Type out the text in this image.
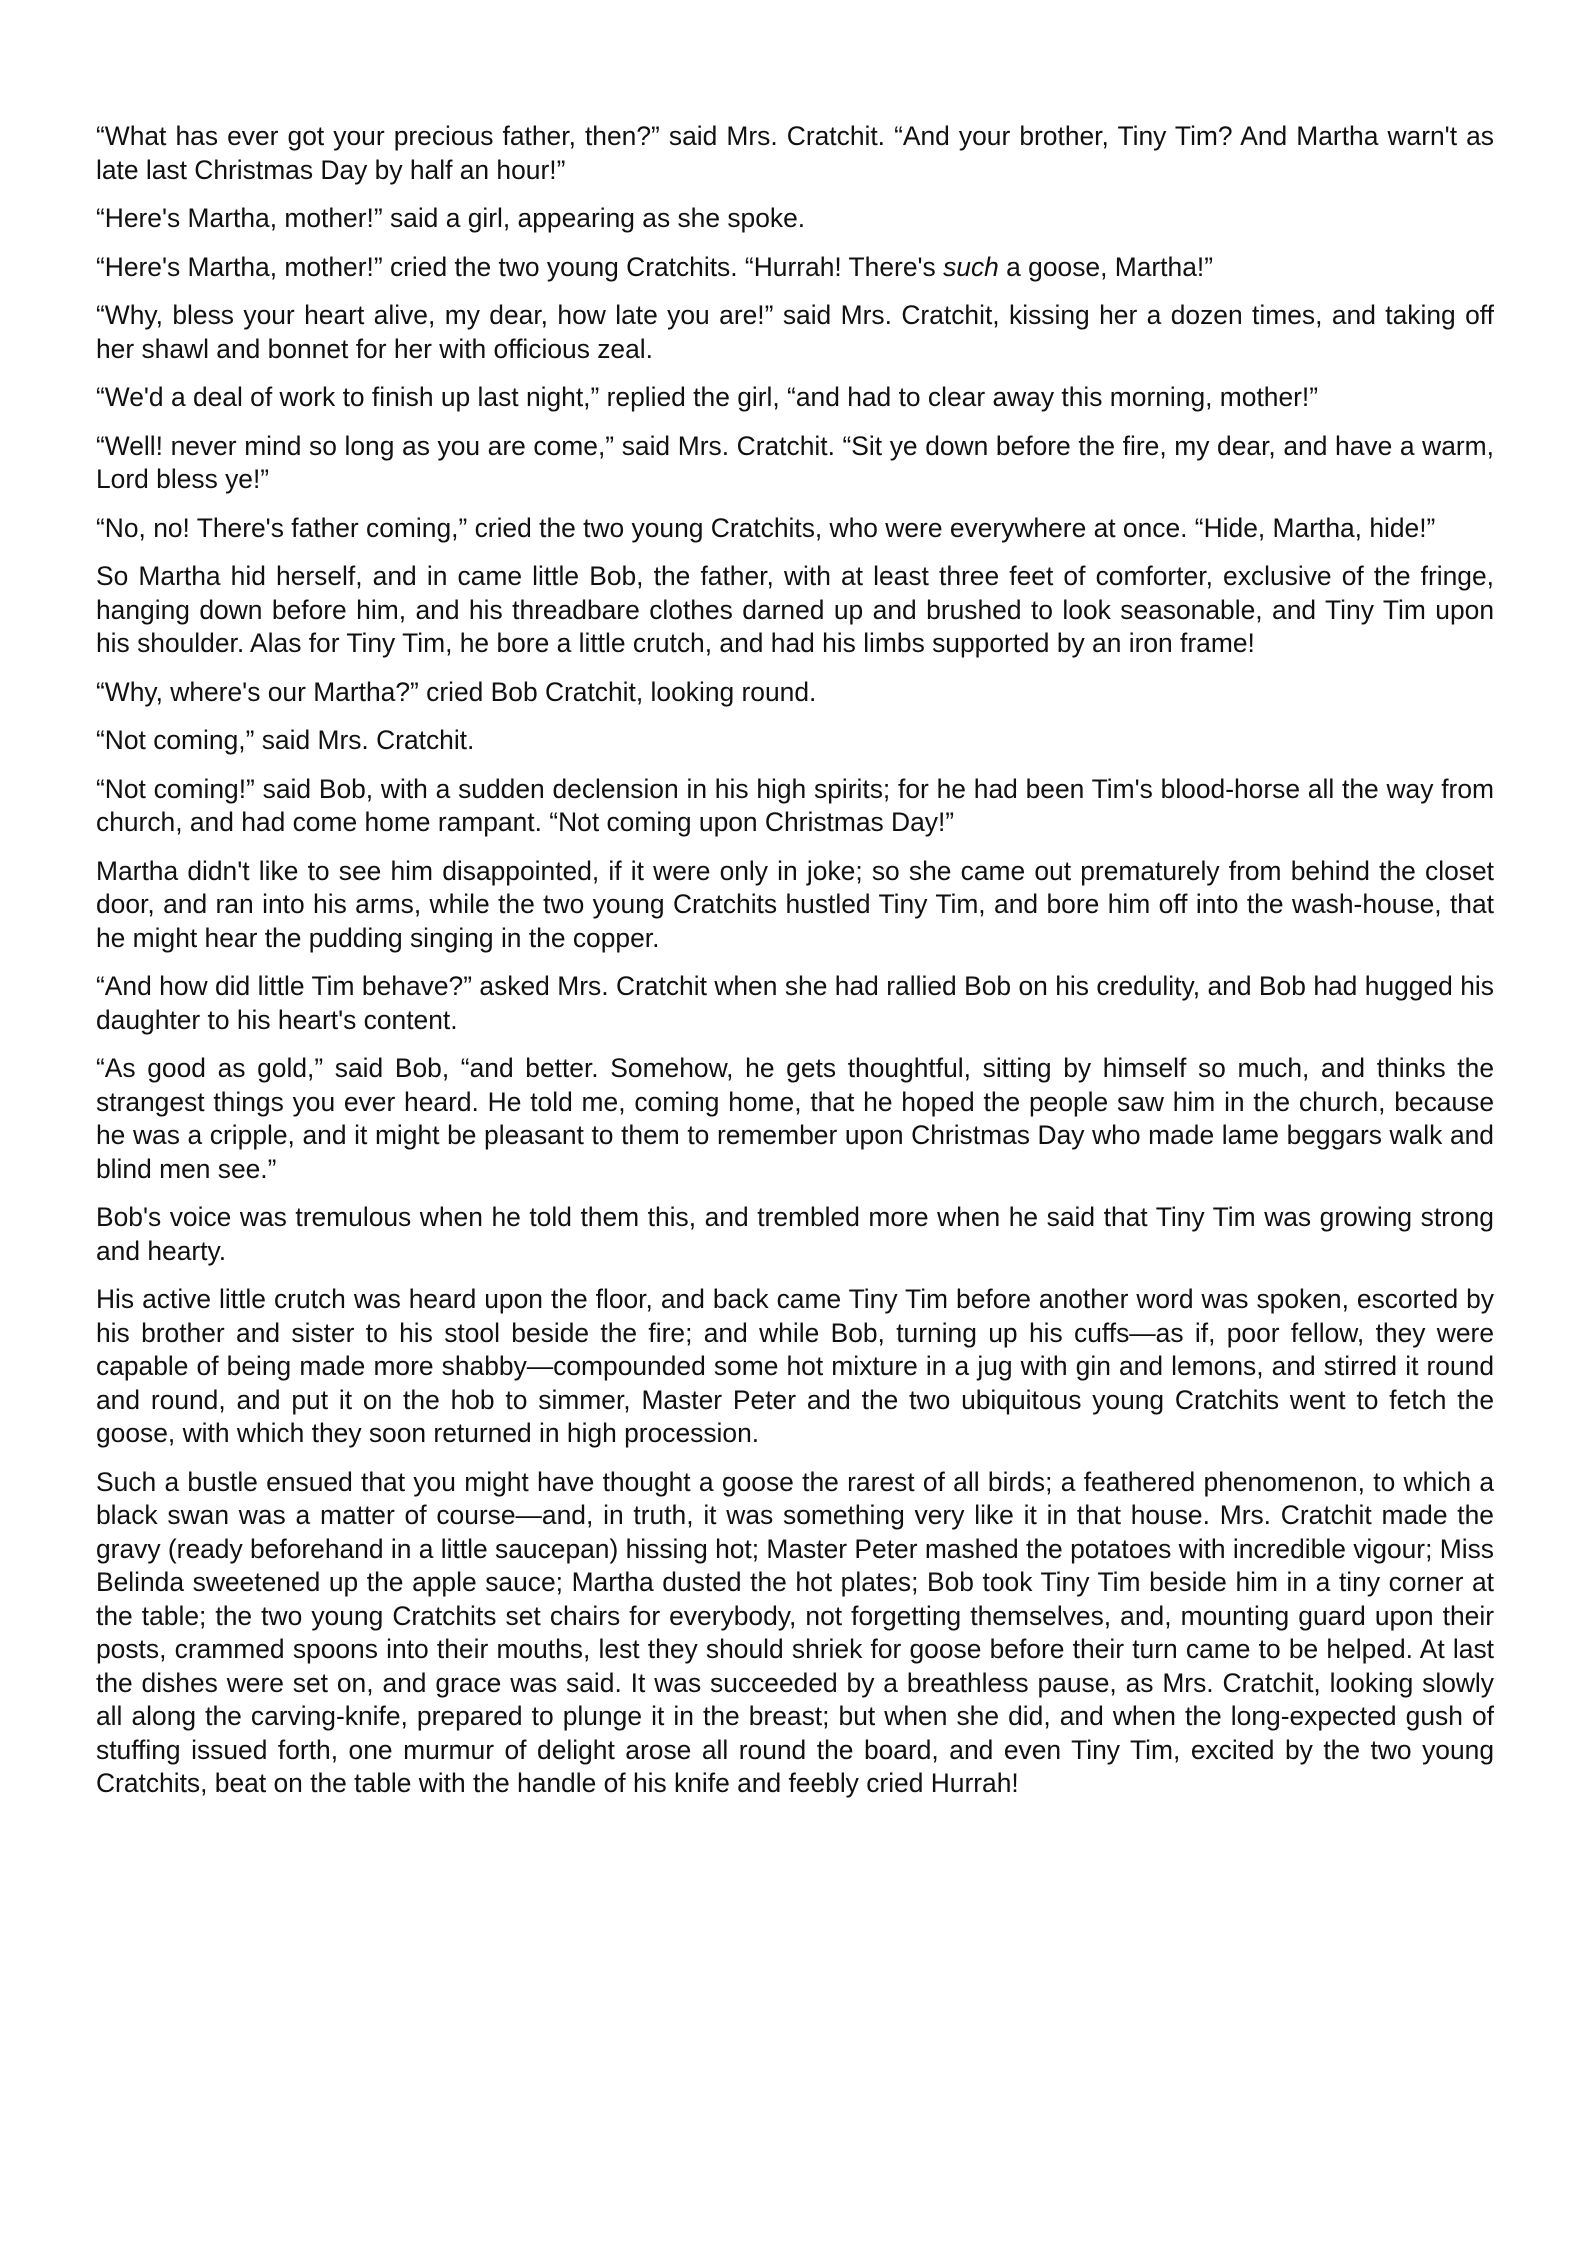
“What has ever got your precious father, then?” said Mrs. Cratchit. “And your brother, Tiny Tim? And Martha warn't as late last Christmas Day by half an hour!”

“Here's Martha, mother!” said a girl, appearing as she spoke.

“Here's Martha, mother!” cried the two young Cratchits. “Hurrah! There's such a goose, Martha!”

“Why, bless your heart alive, my dear, how late you are!” said Mrs. Cratchit, kissing her a dozen times, and taking off her shawl and bonnet for her with officious zeal.

“We'd a deal of work to finish up last night,” replied the girl, “and had to clear away this morning, mother!”

“Well! never mind so long as you are come,” said Mrs. Cratchit. “Sit ye down before the fire, my dear, and have a warm, Lord bless ye!”

“No, no! There's father coming,” cried the two young Cratchits, who were everywhere at once. “Hide, Martha, hide!”

So Martha hid herself, and in came little Bob, the father, with at least three feet of comforter, exclusive of the fringe, hanging down before him, and his threadbare clothes darned up and brushed to look seasonable, and Tiny Tim upon his shoulder. Alas for Tiny Tim, he bore a little crutch, and had his limbs supported by an iron frame!

“Why, where's our Martha?” cried Bob Cratchit, looking round.

“Not coming,” said Mrs. Cratchit.

“Not coming!” said Bob, with a sudden declension in his high spirits; for he had been Tim's blood-horse all the way from church, and had come home rampant. “Not coming upon Christmas Day!”

Martha didn't like to see him disappointed, if it were only in joke; so she came out prematurely from behind the closet door, and ran into his arms, while the two young Cratchits hustled Tiny Tim, and bore him off into the wash-house, that he might hear the pudding singing in the copper.

“And how did little Tim behave?” asked Mrs. Cratchit when she had rallied Bob on his credulity, and Bob had hugged his daughter to his heart's content.

“As good as gold,” said Bob, “and better. Somehow, he gets thoughtful, sitting by himself so much, and thinks the strangest things you ever heard. He told me, coming home, that he hoped the people saw him in the church, because he was a cripple, and it might be pleasant to them to remember upon Christmas Day who made lame beggars walk and blind men see.”

Bob's voice was tremulous when he told them this, and trembled more when he said that Tiny Tim was growing strong and hearty.

His active little crutch was heard upon the floor, and back came Tiny Tim before another word was spoken, escorted by his brother and sister to his stool beside the fire; and while Bob, turning up his cuffs—as if, poor fellow, they were capable of being made more shabby—compounded some hot mixture in a jug with gin and lemons, and stirred it round and round, and put it on the hob to simmer, Master Peter and the two ubiquitous young Cratchits went to fetch the goose, with which they soon returned in high procession.

Such a bustle ensued that you might have thought a goose the rarest of all birds; a feathered phenomenon, to which a black swan was a matter of course—and, in truth, it was something very like it in that house. Mrs. Cratchit made the gravy (ready beforehand in a little saucepan) hissing hot; Master Peter mashed the potatoes with incredible vigour; Miss Belinda sweetened up the apple sauce; Martha dusted the hot plates; Bob took Tiny Tim beside him in a tiny corner at the table; the two young Cratchits set chairs for everybody, not forgetting themselves, and, mounting guard upon their posts, crammed spoons into their mouths, lest they should shriek for goose before their turn came to be helped. At last the dishes were set on, and grace was said. It was succeeded by a breathless pause, as Mrs. Cratchit, looking slowly all along the carving-knife, prepared to plunge it in the breast; but when she did, and when the long-expected gush of stuffing issued forth, one murmur of delight arose all round the board, and even Tiny Tim, excited by the two young Cratchits, beat on the table with the handle of his knife and feebly cried Hurrah!
